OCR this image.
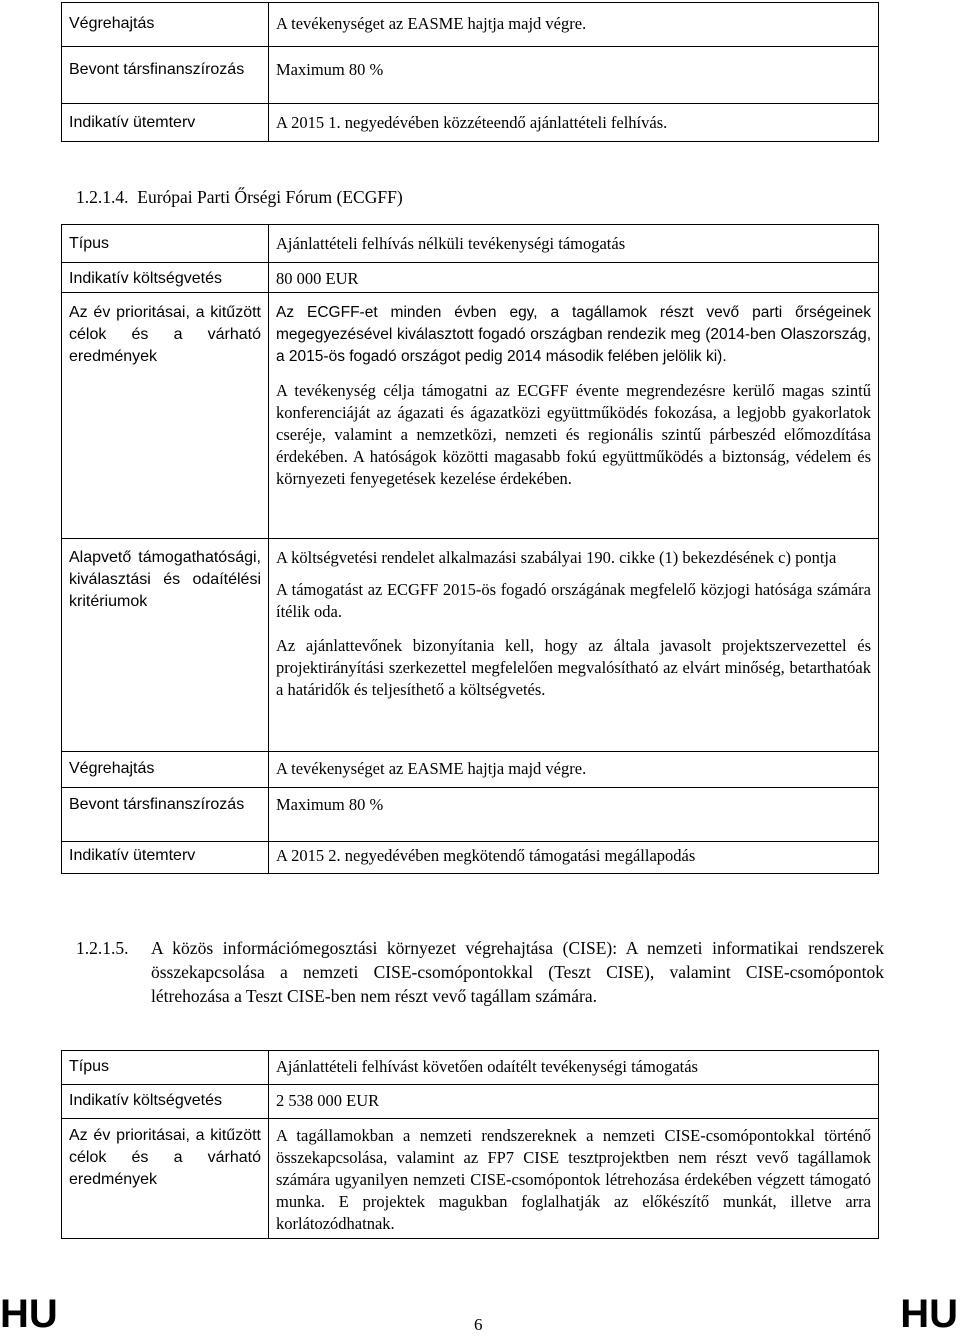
Végrehajtás	A tevékenységet az EASME hajtja majd végre.
Bevont társfinanszírozás	Maximum 80 %
Indikatív ütemterv	A 2015 1. negyedévében közzéteendő ajánlattételi felhívás.
1.2.1.4. Európai Parti Őrségi Fórum (ECGFF)
Típus	Ajánlattételi felhívás nélküli tevékenységi támogatás
Indikatív költségvetés	80 000 EUR
Az év prioritásai, a kitűzött célok és a várható eredmények	Az ECGFF-et minden évben egy, a tagállamok részt vevő parti őrségeinek megegyezésével kiválasztott fogadó országban rendezik meg (2014-ben Olaszország, a 2015-ös fogadó országot pedig 2014 második felében jelölik ki).

A tevékenység célja támogatni az ECGFF évente megrendezésre kerülő magas szintű konferenciáját az ágazati és ágazatközi együttműködés fokozása, a legjobb gyakorlatok cseréje, valamint a nemzetközi, nemzeti és regionális szintű párbeszéd előmozdítása érdekében. A hatóságok közötti magasabb fokú együttműködés a biztonság, védelem és környezeti fenyegetések kezelése érdekében.

Alapvető támogathatósági, kiválasztási és odaítélési kritériumok	A költségvetési rendelet alkalmazási szabályai 190. cikke (1) bekezdésének c) pontja

A támogatást az ECGFF 2015-ös fogadó országának megfelelő közjogi hatósága számára ítélik oda.

Az ajánlattevőnek bizonyítania kell, hogy az általa javasolt projektszervezettel és projektirányítási szerkezettel megfelelően megvalósítható az elvárt minőség, betarthatóak a határidők és teljesíthető a költségvetés.

Végrehajtás	A tevékenységet az EASME hajtja majd végre.
Bevont társfinanszírozás	Maximum 80 %
Indikatív ütemterv	A 2015 2. negyedévében megkötendő támogatási megállapodás
1.2.1.5. A közös információmegosztási környezet végrehajtása (CISE): A nemzeti informatikai rendszerek összekapcsolása a nemzeti CISE-csomópontokkal (Teszt CISE), valamint CISE-csomópontok létrehozása a Teszt CISE-ben nem részt vevő tagállam számára.
Típus	Ajánlattételi felhívást követően odaítélt tevékenységi támogatás
Indikatív költségvetés	2 538 000 EUR
Az év prioritásai, a kitűzött célok és a várható eredmények	A tagállamokban a nemzeti rendszereknek a nemzeti CISE-csomópontokkal történő összekapcsolása, valamint az FP7 CISE tesztprojektben nem részt vevő tagállamok számára ugyanilyen nemzeti CISE-csomópontok létrehozása érdekében végzett támogató munka. E projektek magukban foglalhatják az előkészítő munkát, illetve arra korlátozódhatnak.
HU	6	HU
